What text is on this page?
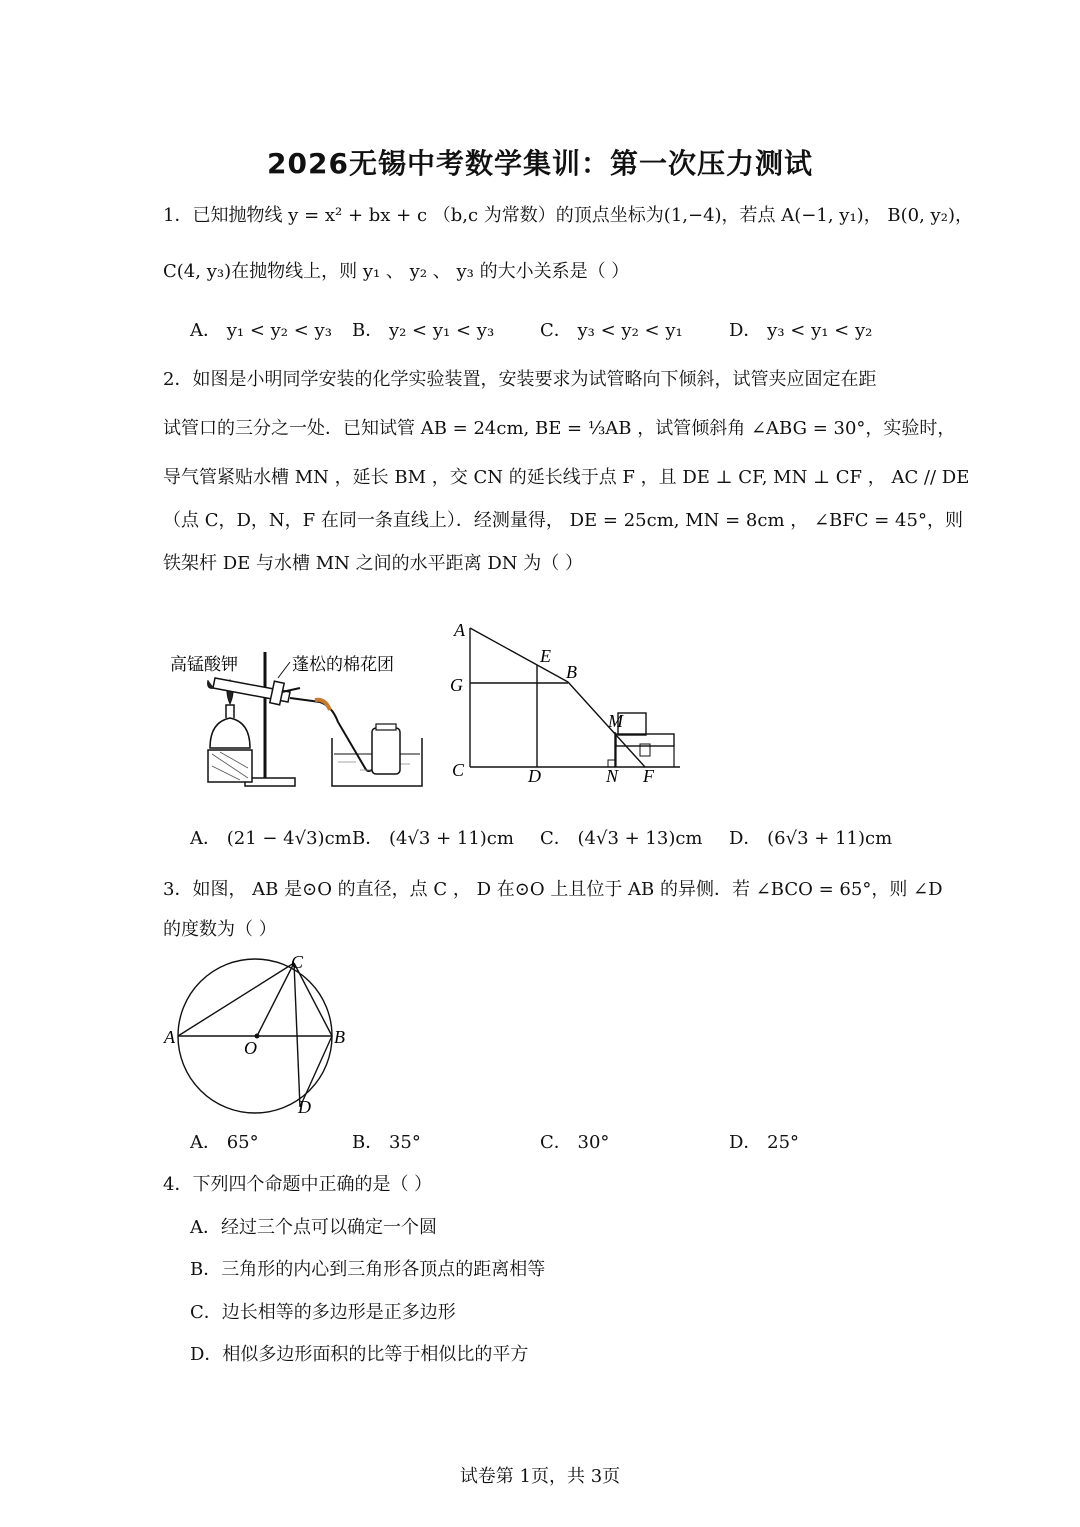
2026无锡中考数学集训：第一次压力测试
1．已知抛物线 y = x² + bx + c （b,c 为常数）的顶点坐标为(1,−4)，若点 A(−1, y₁)， B(0, y₂)，
C(4, y₃)在抛物线上，则 y₁ 、 y₂ 、 y₃ 的大小关系是（ ）
A． y₁ < y₂ < y₃ B． y₂ < y₁ < y₃	C． y₃ < y₂ < y₁	D． y₃ < y₁ < y₂
2．如图是小明同学安装的化学实验装置，安装要求为试管略向下倾斜，试管夹应固定在距
试管口的三分之一处．已知试管 AB = 24cm, BE = ⅓AB ，试管倾斜角 ∠ABG = 30°，实验时，
导气管紧贴水槽 MN ，延长 BM ，交 CN 的延长线于点 F ，且 DE ⊥ CF, MN ⊥ CF ， AC // DE
（点 C，D，N，F 在同一条直线上）．经测量得， DE = 25cm, MN = 8cm ， ∠BFC = 45°，则
铁架杆 DE 与水槽 MN 之间的水平距离 DN 为（ ）
高锰酸钾	蓬松的棉花团
A
E
B
G
M
C	D	N F
A． (21 − 4√3)cm B． (4√3 + 11)cm C． (4√3 + 13)cm D． (6√3 + 11)cm
3．如图， AB 是⊙O 的直径，点 C ， D 在⊙O 上且位于 AB 的异侧．若 ∠BCO = 65°，则 ∠D
的度数为（ ）
A	B
C
D
O
A． 65°	B． 35°	C． 30°	D． 25°
4．下列四个命题中正确的是（ ）
A．经过三个点可以确定一个圆
B．三角形的内心到三角形各顶点的距离相等
C．边长相等的多边形是正多边形
D．相似多边形面积的比等于相似比的平方
试卷第 1页，共 3页
